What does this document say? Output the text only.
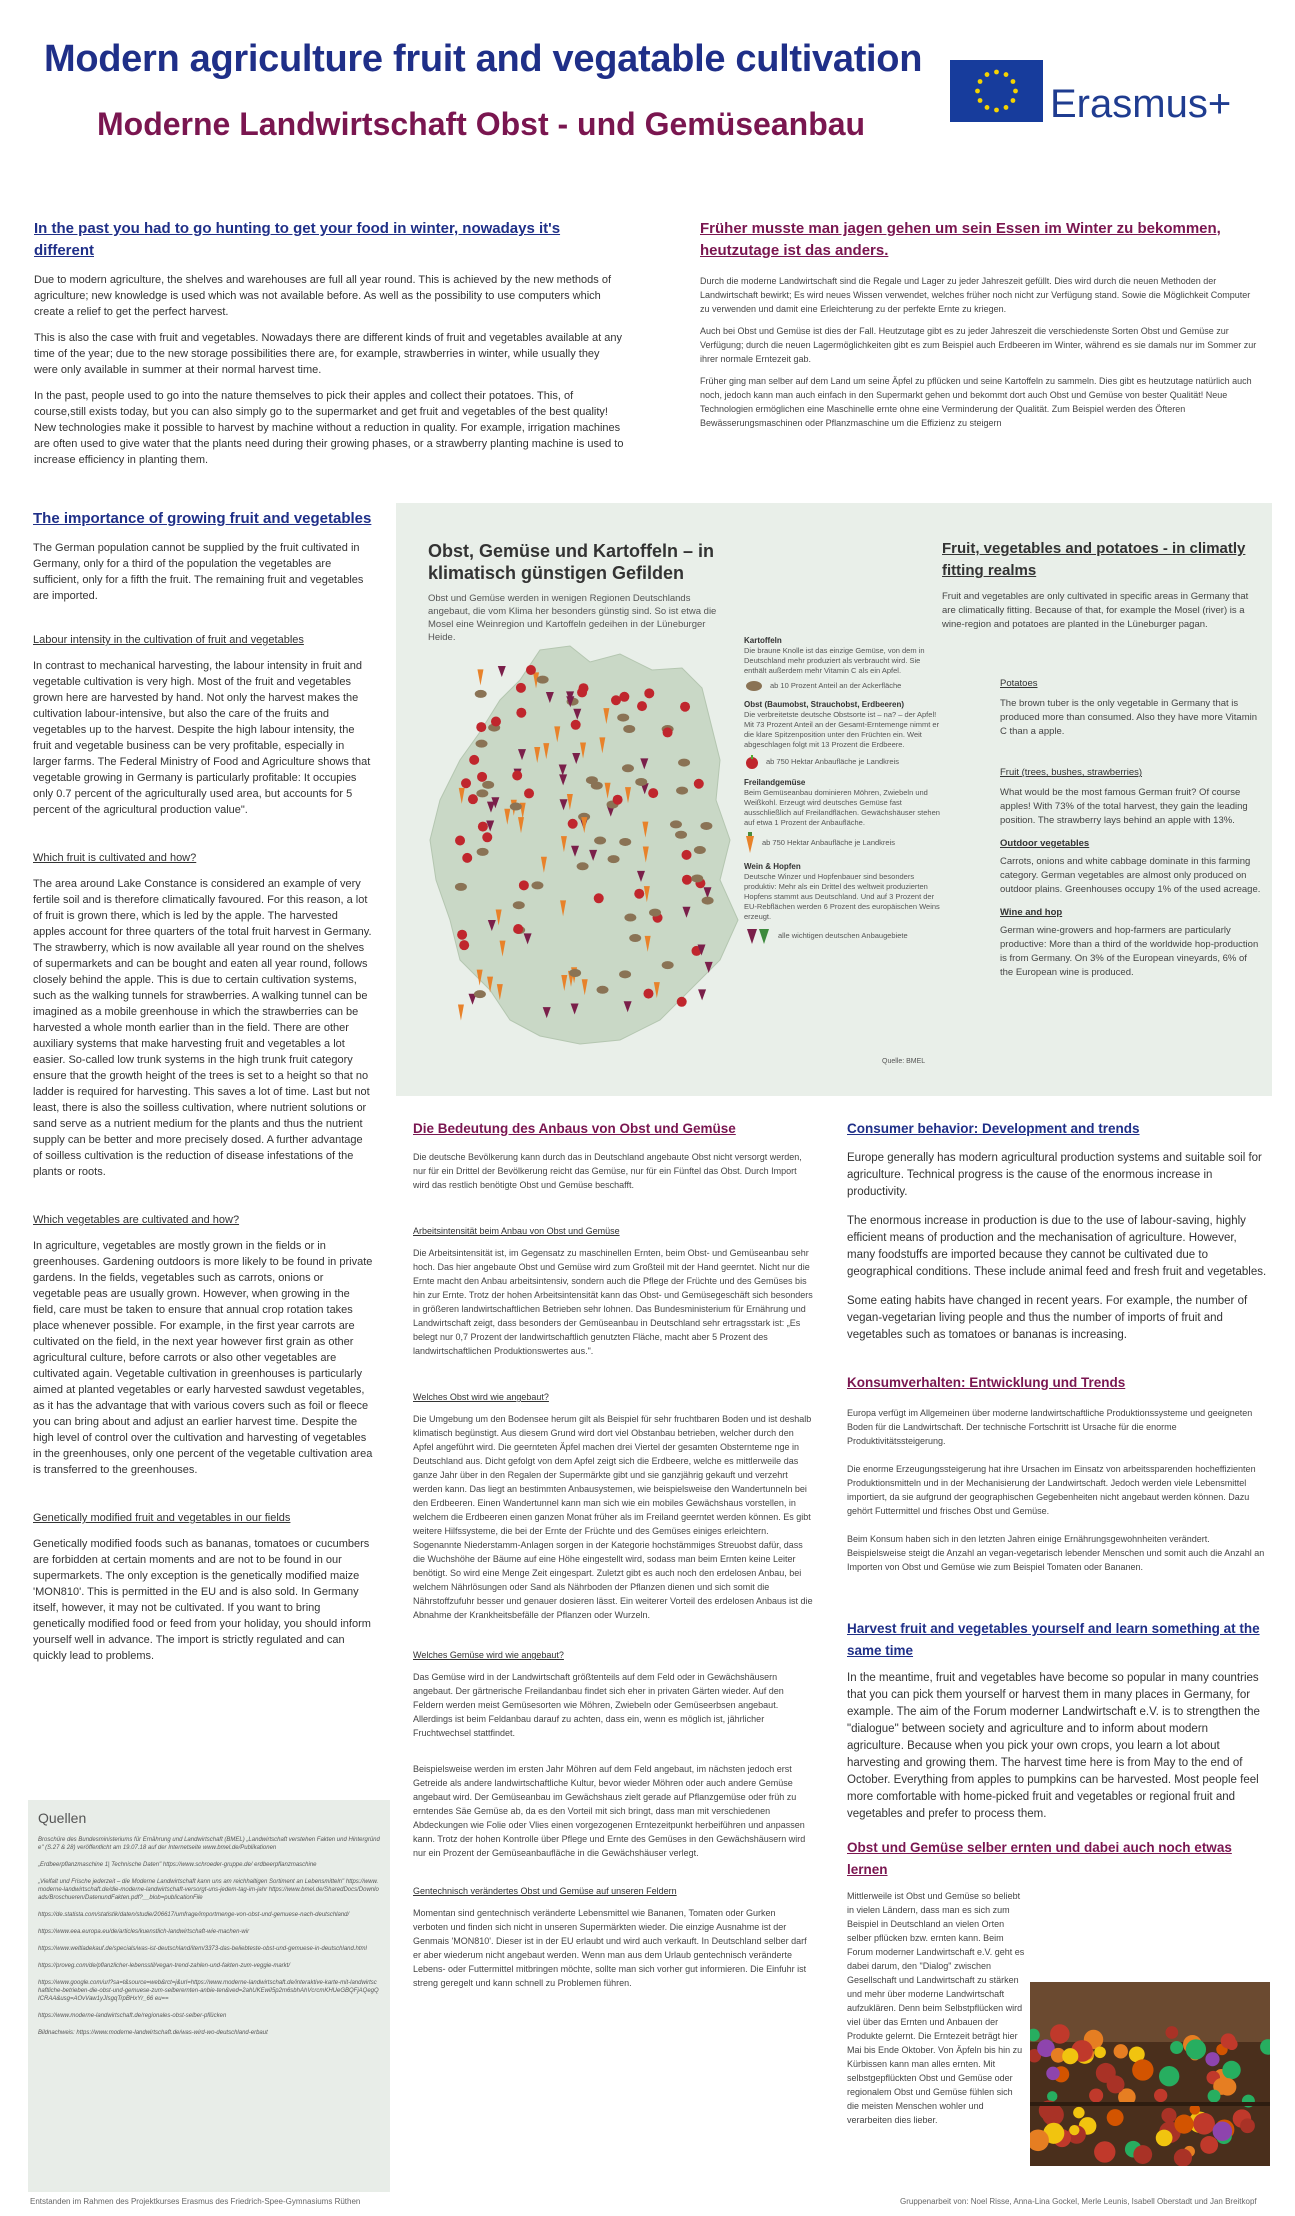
Modern agriculture fruit and vegatable cultivation
Moderne Landwirtschaft Obst - und Gemüseanbau	Erasmus+
In the past you had to go hunting to get your food in winter, nowadays it's different
Due to modern agriculture, the shelves and warehouses are full all year round. This is achieved by the new methods of agriculture; new knowledge is used which was not available before. As well as the possibility to use computers which create a relief to get the perfect harvest.
This is also the case with fruit and vegetables. Nowadays there are different kinds of fruit and vegetables available at any time of the year; due to the new storage possibilities there are, for example, strawberries in winter, while usually they were only available in summer at their normal harvest time.
In the past, people used to go into the nature themselves to pick their apples and collect their potatoes. This, of course,still exists today, but you can also simply go to the supermarket and get fruit and vegetables of the best quality! New technologies make it possible to harvest by machine without a reduction in quality. For example, irrigation machines are often used to give water that the plants need during their growing phases, or a strawberry planting machine is used to increase efficiency in planting them.
Früher musste man jagen gehen um sein Essen im Winter zu bekommen, heutzutage ist das anders.
Durch die moderne Landwirtschaft sind die Regale und Lager zu jeder Jahreszeit gefüllt. Dies wird durch die neuen Methoden der Landwirtschaft bewirkt; Es wird neues Wissen verwendet, welches früher noch nicht zur Verfügung stand. Sowie die Möglichkeit Computer zu verwenden und damit eine Erleichterung zu der perfekte Ernte zu kriegen.
Auch bei Obst und Gemüse ist dies der Fall. Heutzutage gibt es zu jeder Jahreszeit die verschiedenste Sorten Obst und Gemüse zur Verfügung; durch die neuen Lagermöglichkeiten gibt es zum Beispiel auch Erdbeeren im Winter, während es sie damals nur im Sommer zur ihrer normale Erntezeit gab.
Früher ging man selber auf dem Land um seine Äpfel zu pflücken und seine Kartoffeln zu sammeln. Dies gibt es heutzutage natürlich auch noch, jedoch kann man auch einfach in den Supermarkt gehen und bekommt dort auch Obst und Gemüse von bester Qualität! Neue Technologien ermöglichen eine Maschinelle ernte ohne eine Verminderung der Qualität. Zum Beispiel werden des Öfteren Bewässerungsmaschinen oder Pflanzmaschine um die Effizienz zu steigern
The importance of growing fruit and vegetables
The German population cannot be supplied by the fruit cultivated in Germany, only for a third of the population the vegetables are sufficient, only for a fifth the fruit. The remaining fruit and vegetables are imported.
Labour intensity in the cultivation of fruit and vegetables
In contrast to mechanical harvesting, the labour intensity in fruit and vegetable cultivation is very high. Most of the fruit and vegetables grown here are harvested by hand. Not only the harvest makes the cultivation labour-intensive, but also the care of the fruits and vegetables up to the harvest. Despite the high labour intensity, the fruit and vegetable business can be very profitable, especially in larger farms. The Federal Ministry of Food and Agriculture shows that vegetable growing in Germany is particularly profitable: It occupies only 0.7 percent of the agriculturally used area, but accounts for 5 percent of the agricultural production value".
Which fruit is cultivated and how?
The area around Lake Constance is considered an example of very fertile soil and is therefore climatically favoured. For this reason, a lot of fruit is grown there, which is led by the apple. The harvested apples account for three quarters of the total fruit harvest in Germany. The strawberry, which is now available all year round on the shelves of supermarkets and can be bought and eaten all year round, follows closely behind the apple. This is due to certain cultivation systems, such as the walking tunnels for strawberries. A walking tunnel can be imagined as a mobile greenhouse in which the strawberries can be harvested a whole month earlier than in the field. There are other auxiliary systems that make harvesting fruit and vegetables a lot easier. So-called low trunk systems in the high trunk fruit category ensure that the growth height of the trees is set to a height so that no ladder is required for harvesting. This saves a lot of time. Last but not least, there is also the soilless cultivation, where nutrient solutions or sand serve as a nutrient medium for the plants and thus the nutrient supply can be better and more precisely dosed. A further advantage of soilless cultivation is the reduction of disease infestations of the plants or roots.
Which vegetables are cultivated and how?
In agriculture, vegetables are mostly grown in the fields or in greenhouses. Gardening outdoors is more likely to be found in private gardens. In the fields, vegetables such as carrots, onions or vegetable peas are usually grown. However, when growing in the field, care must be taken to ensure that annual crop rotation takes place whenever possible. For example, in the first year carrots are cultivated on the field, in the next year however first grain as other agricultural culture, before carrots or also other vegetables are cultivated again. Vegetable cultivation in greenhouses is particularly aimed at planted vegetables or early harvested sawdust vegetables, as it has the advantage that with various covers such as foil or fleece you can bring about and adjust an earlier harvest time. Despite the high level of control over the cultivation and harvesting of vegetables in the greenhouses, only one percent of the vegetable cultivation area is transferred to the greenhouses.
Genetically modified fruit and vegetables in our fields
Genetically modified foods such as bananas, tomatoes or cucumbers are forbidden at certain moments and are not to be found in our supermarkets. The only exception is the genetically modified maize 'MON810'. This is permitted in the EU and is also sold. In Germany itself, however, it may not be cultivated. If you want to bring genetically modified food or feed from your holiday, you should inform yourself well in advance. The import is strictly regulated and can quickly lead to problems.
Obst, Gemüse und Kartoffeln – in klimatisch günstigen Gefilden
Obst und Gemüse werden in wenigen Regionen Deutschlands angebaut, die vom Klima her besonders günstig sind. So ist etwa die Mosel eine Weinregion und Kartoffeln gedeihen in der Lüneburger Heide.	Kartoffeln
Die braune Knolle ist das einzige Gemüse, von dem in Deutschland mehr produziert als verbraucht wird. Sie enthält außerdem mehr Vitamin C als ein Apfel.
ab 10 Prozent Anteil an der Ackerfläche
Obst (Baumobst, Strauchobst, Erdbeeren)
Die verbreitetste deutsche Obstsorte ist – na? – der Apfel! Mit 73 Prozent Anteil an der Gesamt-Erntemenge nimmt er die klare Spitzenposition unter den Früchten ein. Weit abgeschlagen folgt mit 13 Prozent die Erdbeere.
ab 750 Hektar Anbaufläche je Landkreis
Freilandgemüse
Beim Gemüseanbau dominieren Möhren, Zwiebeln und Weißkohl. Erzeugt wird deutsches Gemüse fast ausschließlich auf Freilandflächen. Gewächshäuser stehen auf etwa 1 Prozent der Anbaufläche.
ab 750 Hektar Anbaufläche je Landkreis
Wein & Hopfen
Deutsche Winzer und Hopfenbauer sind besonders produktiv: Mehr als ein Drittel des weltweit produzierten Hopfens stammt aus Deutschland. Und auf 3 Prozent der EU-Rebflächen werden 6 Prozent des europäischen Weins erzeugt.
alle wichtigen deutschen Anbaugebiete
Quelle: BMEL
Fruit, vegetables and potatoes - in climatly fitting realms
Fruit and vegetables are only cultivated in specific areas in Germany that are climatically fitting. Because of that, for example the Mosel (river) is a wine-region and potatoes are planted in the Lüneburger pagan.
Potatoes
The brown tuber is the only vegetable in Germany that is produced more than consumed. Also they have more Vitamin C than a apple.
Fruit (trees, bushes, strawberries)
What would be the most famous German fruit? Of course apples! With 73% of the total harvest, they gain the leading position. The strawberry lays behind an apple with 13%.
Outdoor vegetables
Carrots, onions and white cabbage dominate in this farming category. German vegetables are almost only produced on outdoor plains. Greenhouses occupy 1% of the used acreage.
Wine and hop
German wine-growers and hop-farmers are particularly productive: More than a third of the worldwide hop-production is from Germany. On 3% of the European vineyards, 6% of the European wine is produced.
Die Bedeutung des Anbaus von Obst und Gemüse
Die deutsche Bevölkerung kann durch das in Deutschland angebaute Obst nicht versorgt werden, nur für ein Drittel der Bevölkerung reicht das Gemüse, nur für ein Fünftel das Obst. Durch Import wird das restlich benötigte Obst und Gemüse beschafft.
Arbeitsintensität beim Anbau von Obst und Gemüse
Die Arbeitsintensität ist, im Gegensatz zu maschinellen Ernten, beim Obst- und Gemüseanbau sehr hoch. Das hier angebaute Obst und Gemüse wird zum Großteil mit der Hand geerntet. Nicht nur die Ernte macht den Anbau arbeitsintensiv, sondern auch die Pflege der Früchte und des Gemüses bis hin zur Ernte. Trotz der hohen Arbeitsintensität kann das Obst- und Gemüsegeschäft sich besonders in größeren landwirtschaftlichen Betrieben sehr lohnen. Das Bundesministerium für Ernährung und Landwirtschaft zeigt, dass besonders der Gemüseanbau in Deutschland sehr ertragsstark ist: „Es belegt nur 0,7 Prozent der landwirtschaftlich genutzten Fläche, macht aber 5 Prozent des landwirtschaftlichen Produktionswertes aus.".
Welches Obst wird wie angebaut?
Die Umgebung um den Bodensee herum gilt als Beispiel für sehr fruchtbaren Boden und ist deshalb klimatisch begünstigt. Aus diesem Grund wird dort viel Obstanbau betrieben, welcher durch den Apfel angeführt wird. Die geernteten Äpfel machen drei Viertel der gesamten Obsternteme nge in Deutschland aus. Dicht gefolgt von dem Apfel zeigt sich die Erdbeere, welche es mittlerweile das ganze Jahr über in den Regalen der Supermärkte gibt und sie ganzjährig gekauft und verzehrt werden kann. Das liegt an bestimmten Anbausystemen, wie beispielsweise den Wandertunneln bei den Erdbeeren. Einen Wandertunnel kann man sich wie ein mobiles Gewächshaus vorstellen, in welchem die Erdbeeren einen ganzen Monat früher als im Freiland geerntet werden können. Es gibt weitere Hilfssysteme, die bei der Ernte der Früchte und des Gemüses einiges erleichtern. Sogenannte Niederstamm-Anlagen sorgen in der Kategorie hochstämmiges Streuobst dafür, dass die Wuchshöhe der Bäume auf eine Höhe eingestellt wird, sodass man beim Ernten keine Leiter benötigt. So wird eine Menge Zeit eingespart. Zuletzt gibt es auch noch den erdelosen Anbau, bei welchem Nährlösungen oder Sand als Nährboden der Pflanzen dienen und sich somit die Nährstoffzufuhr besser und genauer dosieren lässt. Ein weiterer Vorteil des erdelosen Anbaus ist die Abnahme der Krankheitsbefälle der Pflanzen oder Wurzeln.
Welches Gemüse wird wie angebaut?
Das Gemüse wird in der Landwirtschaft größtenteils auf dem Feld oder in Gewächshäusern angebaut. Der gärtnerische Freilandanbau findet sich eher in privaten Gärten wieder. Auf den Feldern werden meist Gemüsesorten wie Möhren, Zwiebeln oder Gemüseerbsen angebaut. Allerdings ist beim Feldanbau darauf zu achten, dass ein, wenn es möglich ist, jährlicher Fruchtwechsel stattfindet.
Beispielsweise werden im ersten Jahr Möhren auf dem Feld angebaut, im nächsten jedoch erst Getreide als andere landwirtschaftliche Kultur, bevor wieder Möhren oder auch andere Gemüse angebaut wird. Der Gemüseanbau im Gewächshaus zielt gerade auf Pflanzgemüse oder früh zu erntendes Säe Gemüse ab, da es den Vorteil mit sich bringt, dass man mit verschiedenen Abdeckungen wie Folie oder Vlies einen vorgezogenen Erntezeitpunkt herbeiführen und anpassen kann. Trotz der hohen Kontrolle über Pflege und Ernte des Gemüses in den Gewächshäusern wird nur ein Prozent der Gemüseanbaufläche in die Gewächshäuser verlegt.
Gentechnisch verändertes Obst und Gemüse auf unseren Feldern
Momentan sind gentechnisch veränderte Lebensmittel wie Bananen, Tomaten oder Gurken verboten und finden sich nicht in unseren Supermärkten wieder. Die einzige Ausnahme ist der Genmais 'MON810'. Dieser ist in der EU erlaubt und wird auch verkauft. In Deutschland selber darf er aber wiederum nicht angebaut werden. Wenn man aus dem Urlaub gentechnisch veränderte Lebens- oder Futtermittel mitbringen möchte, sollte man sich vorher gut informieren. Die Einfuhr ist streng geregelt und kann schnell zu Problemen führen.
Consumer behavior: Development and trends
Europe generally has modern agricultural production systems and suitable soil for agriculture. Technical progress is the cause of the enormous increase in productivity.
The enormous increase in production is due to the use of labour-saving, highly efficient means of production and the mechanisation of agriculture. However, many foodstuffs are imported because they cannot be cultivated due to geographical conditions. These include animal feed and fresh fruit and vegetables.
Some eating habits have changed in recent years. For example, the number of vegan-vegetarian living people and thus the number of imports of fruit and vegetables such as tomatoes or bananas is increasing.
Konsumverhalten: Entwicklung und Trends
Europa verfügt im Allgemeinen über moderne landwirtschaftliche Produktionssysteme und geeigneten Boden für die Landwirtschaft. Der technische Fortschritt ist Ursache für die enorme Produktivitätssteigerung.
Die enorme Erzeugungssteigerung hat ihre Ursachen im Einsatz von arbeitssparenden hocheffizienten Produktionsmitteln und in der Mechanisierung der Landwirtschaft. Jedoch werden viele Lebensmittel importiert, da sie aufgrund der geographischen Gegebenheiten nicht angebaut werden können. Dazu gehört Futtermittel und frisches Obst und Gemüse.
Beim Konsum haben sich in den letzten Jahren einige Ernährungsgewohnheiten verändert. Beispielsweise steigt die Anzahl an vegan-vegetarisch lebender Menschen und somit auch die Anzahl an Importen von Obst und Gemüse wie zum Beispiel Tomaten oder Bananen.
Harvest fruit and vegetables yourself and learn something at the same time
In the meantime, fruit and vegetables have become so popular in many countries that you can pick them yourself or harvest them in many places in Germany, for example. The aim of the Forum moderner Landwirtschaft e.V. is to strengthen the "dialogue" between society and agriculture and to inform about modern agriculture. Because when you pick your own crops, you learn a lot about harvesting and growing them. The harvest time here is from May to the end of October. Everything from apples to pumpkins can be harvested. Most people feel more comfortable with home-picked fruit and vegetables or regional fruit and vegetables and prefer to process them.
Obst und Gemüse selber ernten und dabei auch noch etwas lernen
Mittlerweile ist Obst und Gemüse so beliebt in vielen Ländern, dass man es sich zum Beispiel in Deutschland an vielen Orten selber pflücken bzw. ernten kann. Beim Forum moderner Landwirtschaft e.V. geht es dabei darum, den "Dialog" zwischen Gesellschaft und Landwirtschaft zu stärken und mehr über moderne Landwirtschaft aufzuklären. Denn beim Selbstpflücken wird viel über das Ernten und Anbauen der Produkte gelernt. Die Erntezeit beträgt hier Mai bis Ende Oktober. Von Äpfeln bis hin zu Kürbissen kann man alles ernten. Mit selbstgepflückten Obst und Gemüse oder regionalem Obst und Gemüse fühlen sich die meisten Menschen wohler und verarbeiten dies lieber.
Quellen
Broschüre des Bundesministeriums für Ernährung und Landwirtschaft (BMEL) „Landwirtschaft verstehen Fakten und Hintergründe" (S.27 & 28) veröffentlicht am 19.07.18 auf der Internetseite www.bmel.de/Publikationen
„Erdbeerpflanzmaschine 1| Technische Daten" https://www.schroeder-gruppe.de/ erdbeerpflanzmaschine
„Vielfalt und Frische jederzeit – die Moderne Landwirtschaft kann uns am reichhaltigen Sortiment an Lebensmitteln" https://www.moderne-landwirtschaft.de/die-moderne-landwirtschaft-versorgt-uns-jedem-tag-im-jahr https://www.bmel.de/SharedDocs/Downloads/Broschueren/DatenundFakten.pdf?__blob=publicationFile
https://de.statista.com/statistik/daten/studie/206617/umfrage/importmenge-von-obst-und-gemuese-nach-deutschland/
https://www.eea.europa.eu/de/articles/kuenstlich-landwirtschaft-wie-machen-wir
https://www.weltladekauf.de/specials/was-ist-deutschland/item/3373-das-beliebteste-obst-und-gemuese-in-deutschland.html
https://proveg.com/de/pflanzlicher-lebensstil/vegan-trend-zahlen-und-fakten-zum-veggie-markt/
https://www.google.com/url?sa=t&source=web&rct=j&url=https://www.moderne-landwirtschaft.de/interaktive-karte-mit-landwirtschaftliche-betrieben-die-obst-und-gemuese-zum-selberernten-anbie-ten&ved=2ahUKEwiI5p2m6sbhAhVcrcmKHUeGBQFjAQegQICRAA&usg=AOvVaw1yJIsgqTrpBHxYr_66 eu==
https://www.moderne-landwirtschaft.de/regionales-obst-selber-pflücken
Bildnachweis: https://www.moderne-landwirtschaft.de/was-wird-wo-deutschland-erbaut
Entstanden im Rahmen des Projektkurses Erasmus des Friedrich-Spee-Gymnasiums Rüthen	Gruppenarbeit von: Noel Risse, Anna-Lina Gockel, Merle Leunis, Isabell Oberstadt und Jan Breitkopf
